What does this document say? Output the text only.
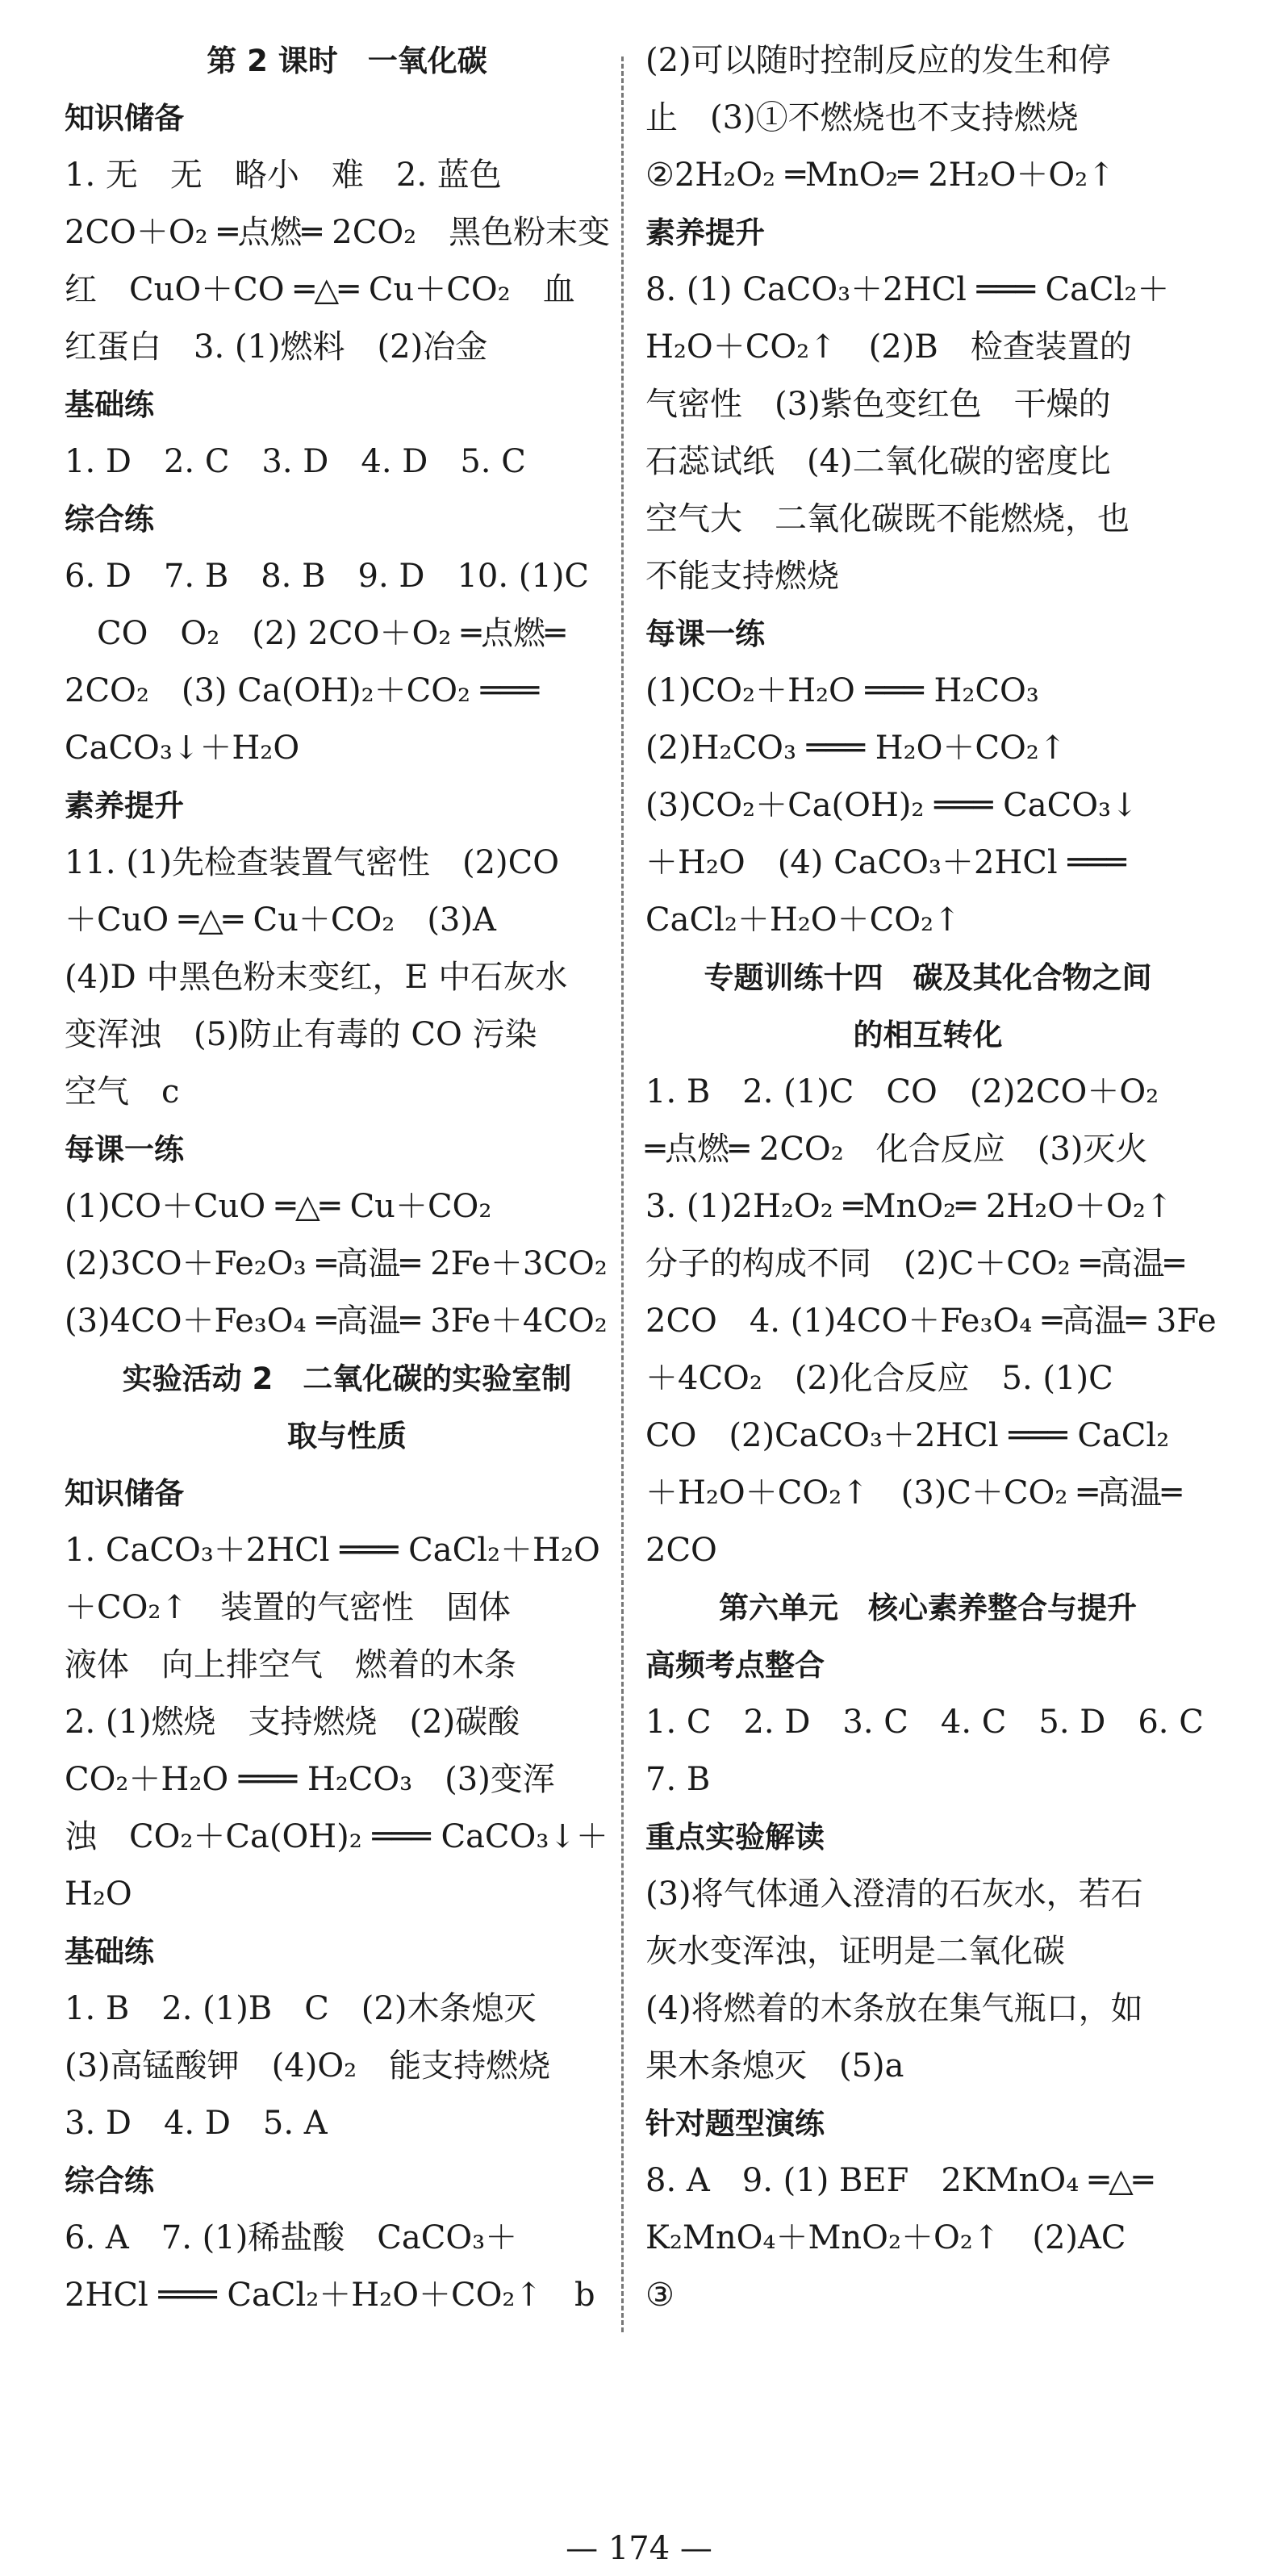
第 2 课时　一氧化碳
知识储备
1. 无　无　略小　难　2. 蓝色
2CO＋O₂ ═点燃═ 2CO₂　黑色粉末变
红　CuO＋CO ═△═ Cu＋CO₂　血
红蛋白　3. (1)燃料　(2)冶金
基础练
1. D　2. C　3. D　4. D　5. C
综合练
6. D　7. B　8. B　9. D　10. (1)C
　CO　O₂　(2) 2CO＋O₂ ═点燃═
2CO₂　(3) Ca(OH)₂＋CO₂ ═══
CaCO₃↓＋H₂O
素养提升
11. (1)先检查装置气密性　(2)CO
＋CuO ═△═ Cu＋CO₂　(3)A
(4)D 中黑色粉末变红，E 中石灰水
变浑浊　(5)防止有毒的 CO 污染
空气　c
每课一练
(1)CO＋CuO ═△═ Cu＋CO₂
(2)3CO＋Fe₂O₃ ═高温═ 2Fe＋3CO₂
(3)4CO＋Fe₃O₄ ═高温═ 3Fe＋4CO₂
实验活动 2　二氧化碳的实验室制
取与性质
知识储备
1. CaCO₃＋2HCl ═══ CaCl₂＋H₂O
＋CO₂↑　装置的气密性　固体
液体　向上排空气　燃着的木条
2. (1)燃烧　支持燃烧　(2)碳酸
CO₂＋H₂O ═══ H₂CO₃　(3)变浑
浊　CO₂＋Ca(OH)₂ ═══ CaCO₃↓＋
H₂O
基础练
1. B　2. (1)B　C　(2)木条熄灭
(3)高锰酸钾　(4)O₂　能支持燃烧
3. D　4. D　5. A
综合练
6. A　7. (1)稀盐酸　CaCO₃＋
2HCl ═══ CaCl₂＋H₂O＋CO₂↑　b
(2)可以随时控制反应的发生和停
止　(3)①不燃烧也不支持燃烧
②2H₂O₂ ═MnO₂═ 2H₂O＋O₂↑
素养提升
8. (1) CaCO₃＋2HCl ═══ CaCl₂＋
H₂O＋CO₂↑　(2)B　检查装置的
气密性　(3)紫色变红色　干燥的
石蕊试纸　(4)二氧化碳的密度比
空气大　二氧化碳既不能燃烧，也
不能支持燃烧
每课一练
(1)CO₂＋H₂O ═══ H₂CO₃
(2)H₂CO₃ ═══ H₂O＋CO₂↑
(3)CO₂＋Ca(OH)₂ ═══ CaCO₃↓
＋H₂O　(4) CaCO₃＋2HCl ═══
CaCl₂＋H₂O＋CO₂↑
专题训练十四　碳及其化合物之间
的相互转化
1. B　2. (1)C　CO　(2)2CO＋O₂
═点燃═ 2CO₂　化合反应　(3)灭火
3. (1)2H₂O₂ ═MnO₂═ 2H₂O＋O₂↑
分子的构成不同　(2)C＋CO₂ ═高温═
2CO　4. (1)4CO＋Fe₃O₄ ═高温═ 3Fe
＋4CO₂　(2)化合反应　5. (1)C
CO　(2)CaCO₃＋2HCl ═══ CaCl₂
＋H₂O＋CO₂↑　(3)C＋CO₂ ═高温═
2CO
第六单元　核心素养整合与提升
高频考点整合
1. C　2. D　3. C　4. C　5. D　6. C
7. B
重点实验解读
(3)将气体通入澄清的石灰水，若石
灰水变浑浊，证明是二氧化碳
(4)将燃着的木条放在集气瓶口，如
果木条熄灭　(5)a
针对题型演练
8. A　9. (1) BEF　2KMnO₄ ═△═
K₂MnO₄＋MnO₂＋O₂↑　(2)AC
③
— 174 —
